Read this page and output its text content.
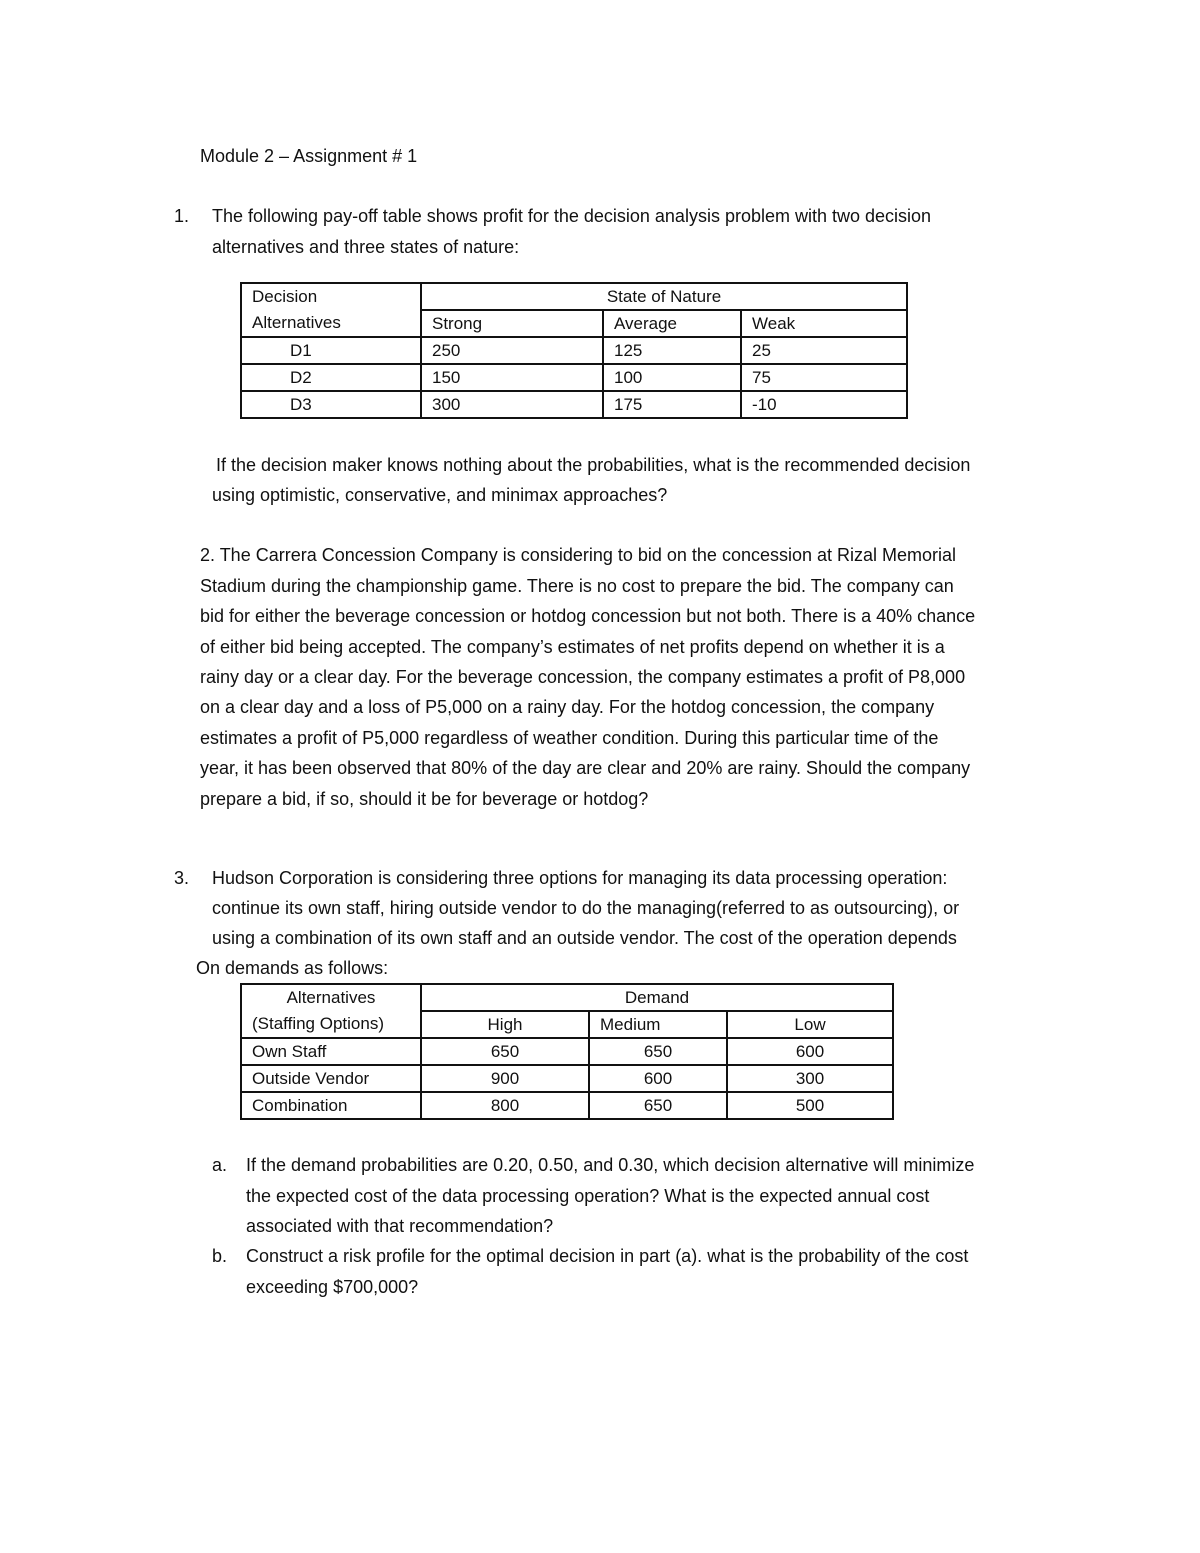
Module 2 – Assignment # 1
1. The following pay-off table shows profit for the decision analysis problem with two decision
alternatives and three states of nature:
Decision	State of Nature		
Alternatives	Strong	Average	Weak
D1	250	125	25
D2	150	100	75
D3	300	175	-10
If the decision maker knows nothing about the probabilities, what is the recommended decision
using optimistic, conservative, and minimax approaches?
2. The Carrera Concession Company is considering to bid on the concession at Rizal Memorial
Stadium during the championship game. There is no cost to prepare the bid. The company can
bid for either the beverage concession or hotdog concession but not both. There is a 40% chance
of either bid being accepted. The company’s estimates of net profits depend on whether it is a
rainy day or a clear day. For the beverage concession, the company estimates a profit of P8,000
on a clear day and a loss of P5,000 on a rainy day. For the hotdog concession, the company
estimates a profit of P5,000 regardless of weather condition. During this particular time of the
year, it has been observed that 80% of the day are clear and 20% are rainy. Should the company
prepare a bid, if so, should it be for beverage or hotdog?
3. Hudson Corporation is considering three options for managing its data processing operation:
continue its own staff, hiring outside vendor to do the managing(referred to as outsourcing), or
using a combination of its own staff and an outside vendor. The cost of the operation depends
On demands as follows:
Alternatives	Demand		
(Staffing Options)	High	Medium	Low
Own Staff	650	650	600
Outside Vendor	900	600	300
Combination	800	650	500
a. If the demand probabilities are 0.20, 0.50, and 0.30, which decision alternative will minimize
the expected cost of the data processing operation? What is the expected annual cost
associated with that recommendation?
b. Construct a risk profile for the optimal decision in part (a). what is the probability of the cost
exceeding $700,000?
